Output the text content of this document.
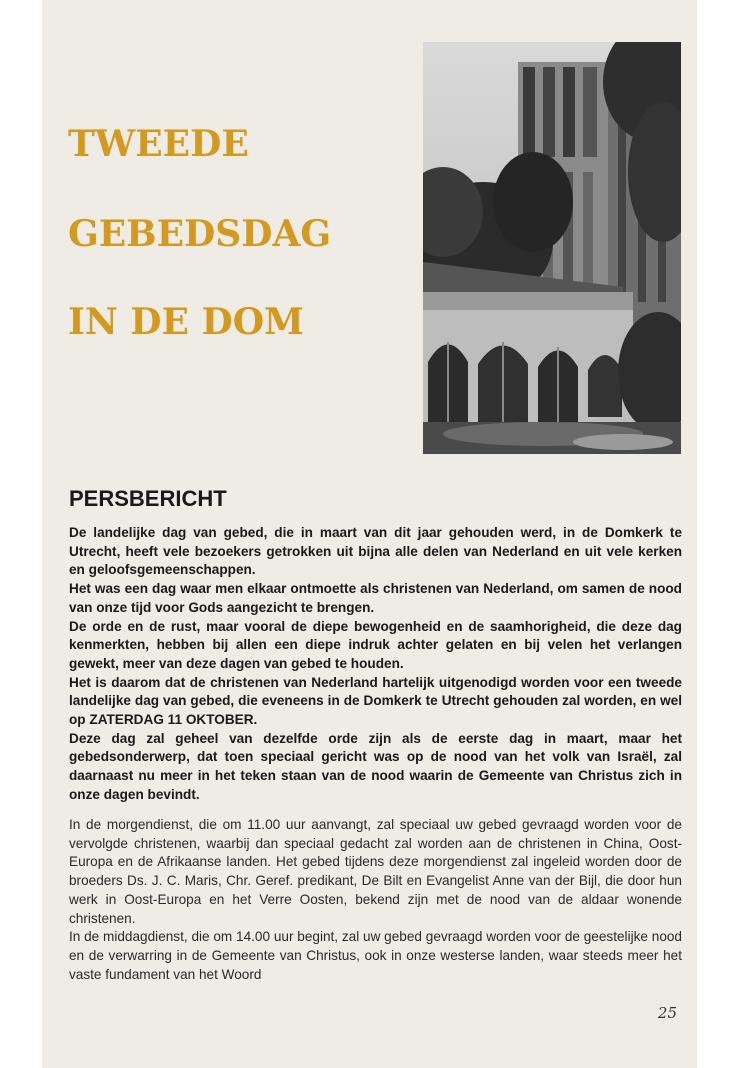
TWEEDE
GEBEDSDAG
IN DE DOM
PERSBERICHT

De landelijke dag van gebed, die in maart van dit jaar gehouden werd, in de Domkerk te Utrecht, heeft vele bezoekers getrokken uit bijna alle delen van Nederland en uit vele kerken en geloofsgemeenschappen.

Het was een dag waar men elkaar ontmoette als christenen van Nederland, om samen de nood van onze tijd voor Gods aangezicht te brengen.

De orde en de rust, maar vooral de diepe bewogenheid en de saamhorigheid, die deze dag kenmerkten, hebben bij allen een diepe indruk achter gelaten en bij velen het verlangen gewekt, meer van deze dagen van gebed te houden.

Het is daarom dat de christenen van Nederland hartelijk uitgenodigd worden voor een tweede landelijke dag van gebed, die eveneens in de Domkerk te Utrecht gehouden zal worden, en wel op ZATERDAG 11 OKTOBER.

Deze dag zal geheel van dezelfde orde zijn als de eerste dag in maart, maar het gebedsonderwerp, dat toen speciaal gericht was op de nood van het volk van Israël, zal daarnaast nu meer in het teken staan van de nood waarin de Gemeente van Christus zich in onze dagen bevindt.

In de morgendienst, die om 11.00 uur aanvangt, zal speciaal uw gebed gevraagd worden voor de vervolgde christenen, waarbij dan speciaal gedacht zal worden aan de christenen in China, Oost-Europa en de Afrikaanse landen. Het gebed tijdens deze morgendienst zal ingeleid worden door de broeders Ds. J. C. Maris, Chr. Geref. predikant, De Bilt en Evangelist Anne van der Bijl, die door hun werk in Oost-Europa en het Verre Oosten, bekend zijn met de nood van de aldaar wonende christenen.

In de middagdienst, die om 14.00 uur begint, zal uw gebed gevraagd worden voor de geestelijke nood en de verwarring in de Gemeente van Christus, ook in onze westerse landen, waar steeds meer het vaste fundament van het Woord

25
